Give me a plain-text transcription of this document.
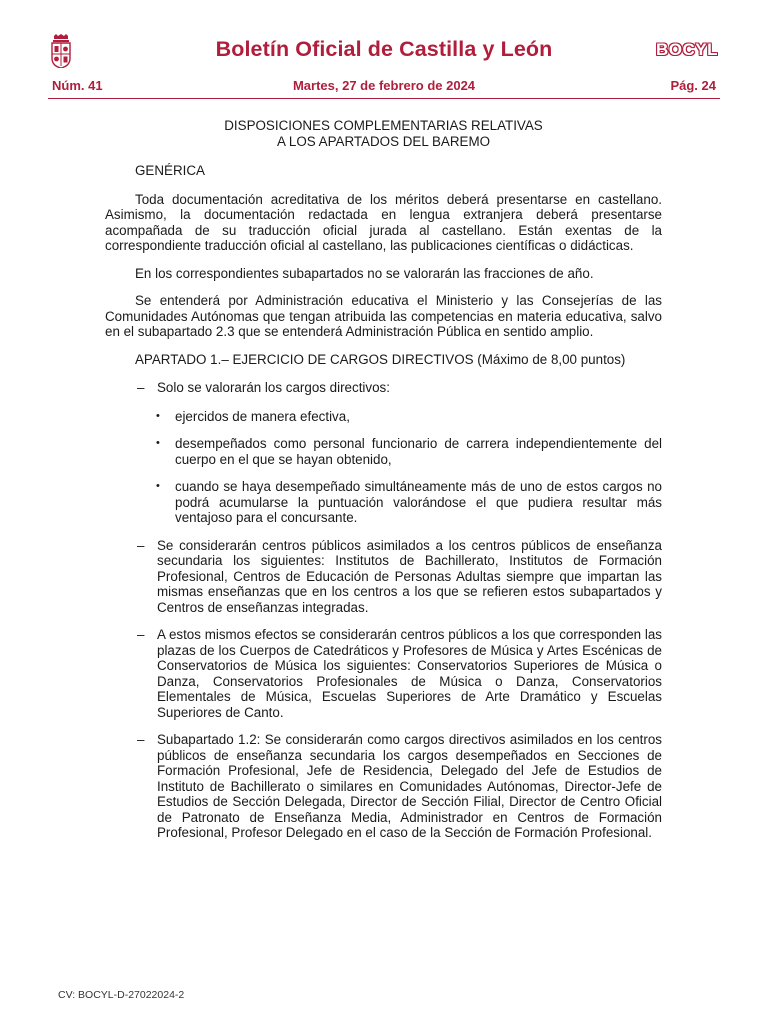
Boletín Oficial de Castilla y León	BOCYL
Núm. 41	Martes, 27 de febrero de 2024	Pág. 24

DISPOSICIONES COMPLEMENTARIAS RELATIVAS

A LOS APARTADOS DEL BAREMO

GENÉRICA

Toda documentación acreditativa de los méritos deberá presentarse en castellano. Asimismo, la documentación redactada en lengua extranjera deberá presentarse acompañada de su traducción oficial jurada al castellano. Están exentas de la correspondiente traducción oficial al castellano, las publicaciones científicas o didácticas.

En los correspondientes subapartados no se valorarán las fracciones de año.

Se entenderá por Administración educativa el Ministerio y las Consejerías de las Comunidades Autónomas que tengan atribuida las competencias en materia educativa, salvo en el subapartado 2.3 que se entenderá Administración Pública en sentido amplio.

APARTADO 1.– EJERCICIO DE CARGOS DIRECTIVOS (Máximo de 8,00 puntos)

– Solo se valorarán los cargos directivos:
• ejercidos de manera efectiva,
• desempeñados como personal funcionario de carrera independientemente del cuerpo en el que se hayan obtenido,
• cuando se haya desempeñado simultáneamente más de uno de estos cargos no podrá acumularse la puntuación valorándose el que pudiera resultar más ventajoso para el concursante.
– Se considerarán centros públicos asimilados a los centros públicos de enseñanza secundaria los siguientes: Institutos de Bachillerato, Institutos de Formación Profesional, Centros de Educación de Personas Adultas siempre que impartan las mismas enseñanzas que en los centros a los que se refieren estos subapartados y Centros de enseñanzas integradas.
– A estos mismos efectos se considerarán centros públicos a los que corresponden las plazas de los Cuerpos de Catedráticos y Profesores de Música y Artes Escénicas de Conservatorios de Música los siguientes: Conservatorios Superiores de Música o Danza, Conservatorios Profesionales de Música o Danza, Conservatorios Elementales de Música, Escuelas Superiores de Arte Dramático y Escuelas Superiores de Canto.
– Subapartado 1.2: Se considerarán como cargos directivos asimilados en los centros públicos de enseñanza secundaria los cargos desempeñados en Secciones de Formación Profesional, Jefe de Residencia, Delegado del Jefe de Estudios de Instituto de Bachillerato o similares en Comunidades Autónomas, Director-Jefe de Estudios de Sección Delegada, Director de Sección Filial, Director de Centro Oficial de Patronato de Enseñanza Media, Administrador en Centros de Formación Profesional, Profesor Delegado en el caso de la Sección de Formación Profesional.
CV: BOCYL-D-27022024-2
